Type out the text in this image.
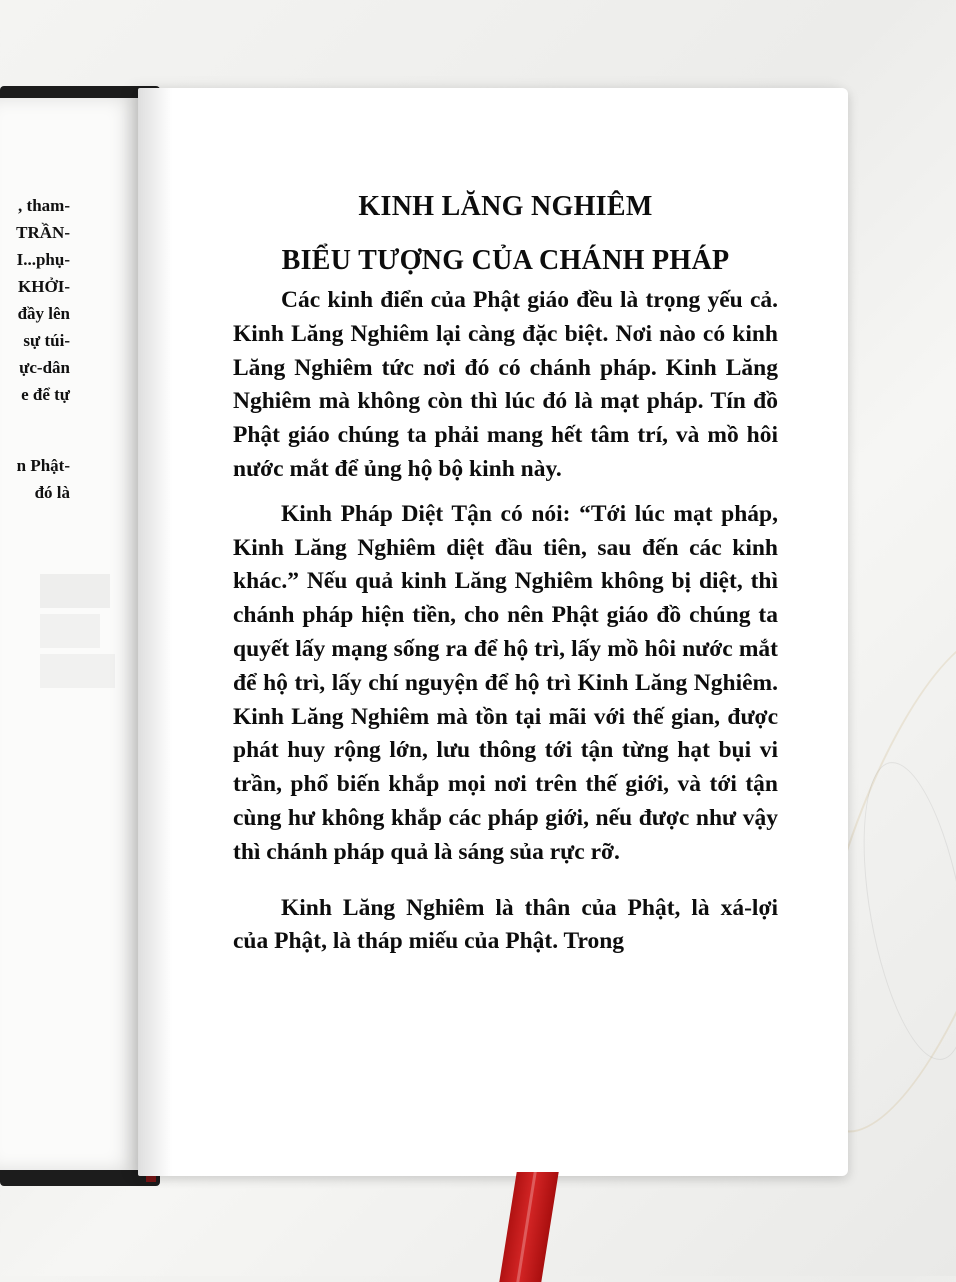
, tham-
TRẦN-
I...phụ-
KHỞI-
đầy lên
sự túi-
ực-dân
e để tự
n Phật-
đó là
KINH LĂNG NGHIÊM
BIỂU TƯỢNG CỦA CHÁNH PHÁP

Các kinh điển của Phật giáo đều là trọng yếu cả. Kinh Lăng Nghiêm lại càng đặc biệt. Nơi nào có kinh Lăng Nghiêm tức nơi đó có chánh pháp. Kinh Lăng Nghiêm mà không còn thì lúc đó là mạt pháp. Tín đồ Phật giáo chúng ta phải mang hết tâm trí, và mồ hôi nước mắt để ủng hộ bộ kinh này.

Kinh Pháp Diệt Tận có nói: “Tới lúc mạt pháp, Kinh Lăng Nghiêm diệt đầu tiên, sau đến các kinh khác.” Nếu quả kinh Lăng Nghiêm không bị diệt, thì chánh pháp hiện tiền, cho nên Phật giáo đồ chúng ta quyết lấy mạng sống ra để hộ trì, lấy mồ hôi nước mắt để hộ trì, lấy chí nguyện để hộ trì Kinh Lăng Nghiêm. Kinh Lăng Nghiêm mà tồn tại mãi với thế gian, được phát huy rộng lớn, lưu thông tới tận từng hạt bụi vi trần, phổ biến khắp mọi nơi trên thế giới, và tới tận cùng hư không khắp các pháp giới, nếu được như vậy thì chánh pháp quả là sáng sủa rực rỡ.

Kinh Lăng Nghiêm là thân của Phật, là xá-lợi của Phật, là tháp miếu của Phật. Trong
